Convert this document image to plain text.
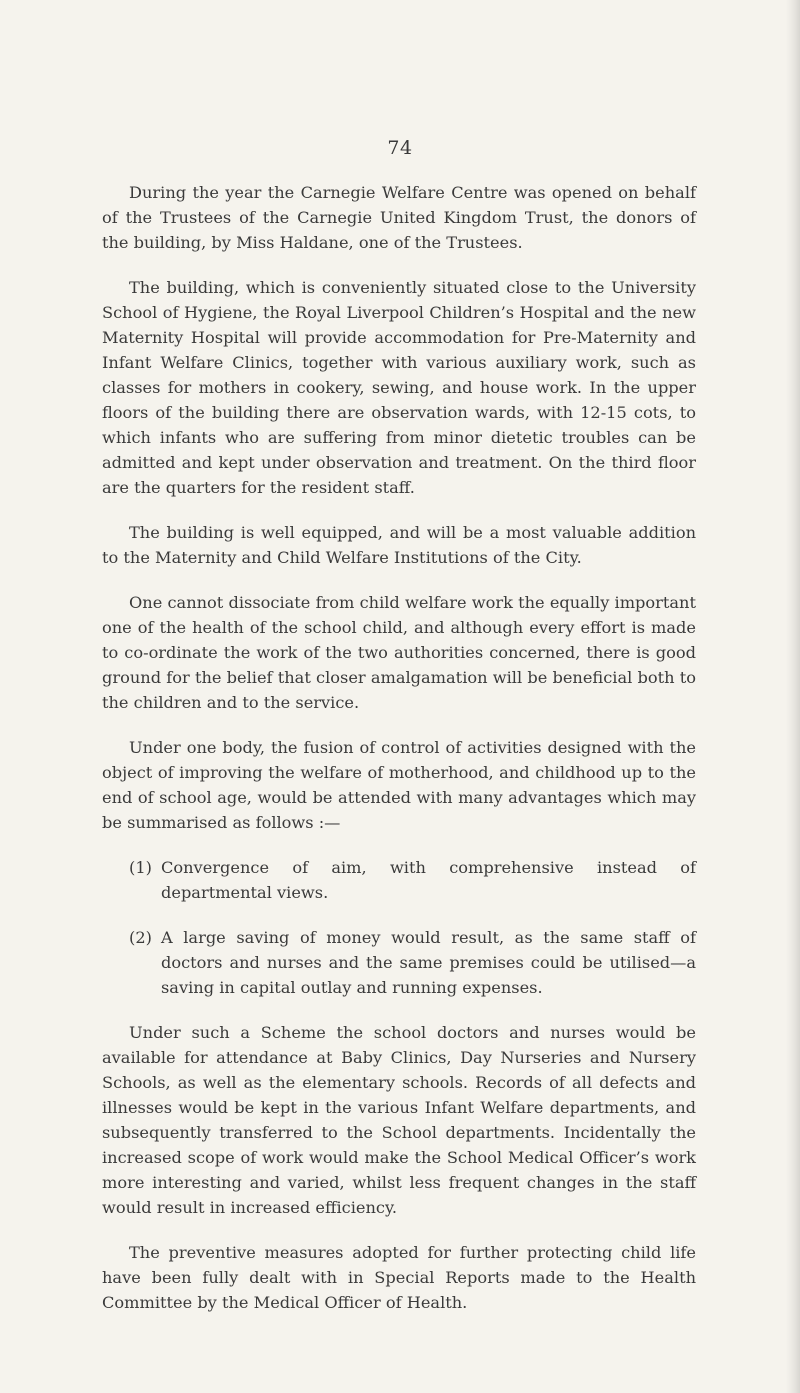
74

During the year the Carnegie Welfare Centre was opened on behalf of the Trustees of the Carnegie United Kingdom Trust, the donors of the building, by Miss Haldane, one of the Trustees.

The building, which is conveniently situated close to the University School of Hygiene, the Royal Liverpool Children’s Hospital and the new Maternity Hospital will provide accommodation for Pre-Maternity and Infant Welfare Clinics, together with various auxiliary work, such as classes for mothers in cookery, sewing, and house work. In the upper floors of the building there are observation wards, with 12-15 cots, to which infants who are suffering from minor dietetic troubles can be admitted and kept under observation and treatment. On the third floor are the quarters for the resident staff.

The building is well equipped, and will be a most valuable addition to the Maternity and Child Welfare Institutions of the City.

One cannot dissociate from child welfare work the equally important one of the health of the school child, and although every effort is made to co-ordinate the work of the two authorities concerned, there is good ground for the belief that closer amalgamation will be beneficial both to the children and to the service.

Under one body, the fusion of control of activities designed with the object of improving the welfare of motherhood, and childhood up to the end of school age, would be attended with many advantages which may be summarised as follows :—

(1) Convergence of aim, with comprehensive instead of departmental views.

(2) A large saving of money would result, as the same staff of doctors and nurses and the same premises could be utilised—a saving in capital outlay and running expenses.

Under such a Scheme the school doctors and nurses would be available for attendance at Baby Clinics, Day Nurseries and Nursery Schools, as well as the elementary schools. Records of all defects and illnesses would be kept in the various Infant Welfare departments, and subsequently transferred to the School departments. Incidentally the increased scope of work would make the School Medical Officer’s work more interesting and varied, whilst less frequent changes in the staff would result in increased efficiency.

The preventive measures adopted for further protecting child life have been fully dealt with in Special Reports made to the Health Committee by the Medical Officer of Health.
